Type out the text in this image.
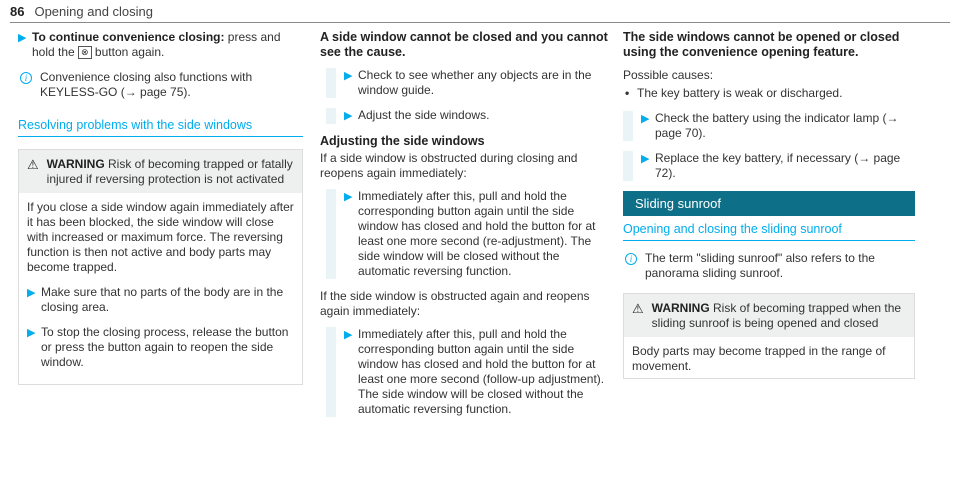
86 Opening and closing
▶ To continue convenience closing: press and hold the ⊗ button again.
i	Convenience closing also functions with KEYLESS-GO (→ page 75).
Resolving problems with the side windows
⚠ WARNING Risk of becoming trapped or fatally injured if reversing protection is not activated

If you close a side window again immediately after it has been blocked, the side window will close with increased or maximum force. The reversing function is then not active and body parts may become trapped.

▶ Make sure that no parts of the body are in the closing area.
▶ To stop the closing process, release the button or press the button again to reopen the side window.
A side window cannot be closed and you cannot see the cause.
▶ Check to see whether any objects are in the window guide.
▶ Adjust the side windows.
Adjusting the side windows

If a side window is obstructed during closing and reopens again immediately:

▶ Immediately after this, pull and hold the corresponding button again until the side window has closed and hold the button for at least one more second (re-adjustment). The side window will be closed without the automatic reversing function.

If the side window is obstructed again and reopens again immediately:

▶ Immediately after this, pull and hold the corresponding button again until the side window has closed and hold the button for at least one more second (follow-up adjustment). The side window will be closed without the automatic reversing function.
The side windows cannot be opened or closed using the convenience opening feature.

Possible causes:

• The key battery is weak or discharged.
▶ Check the battery using the indicator lamp (→ page 70).
▶ Replace the key battery, if necessary (→ page 72).
Sliding sunroof
Opening and closing the sliding sunroof
i	The term "sliding sunroof" also refers to the panorama sliding sunroof.
⚠ WARNING Risk of becoming trapped when the sliding sunroof is being opened and closed

Body parts may become trapped in the range of movement.
